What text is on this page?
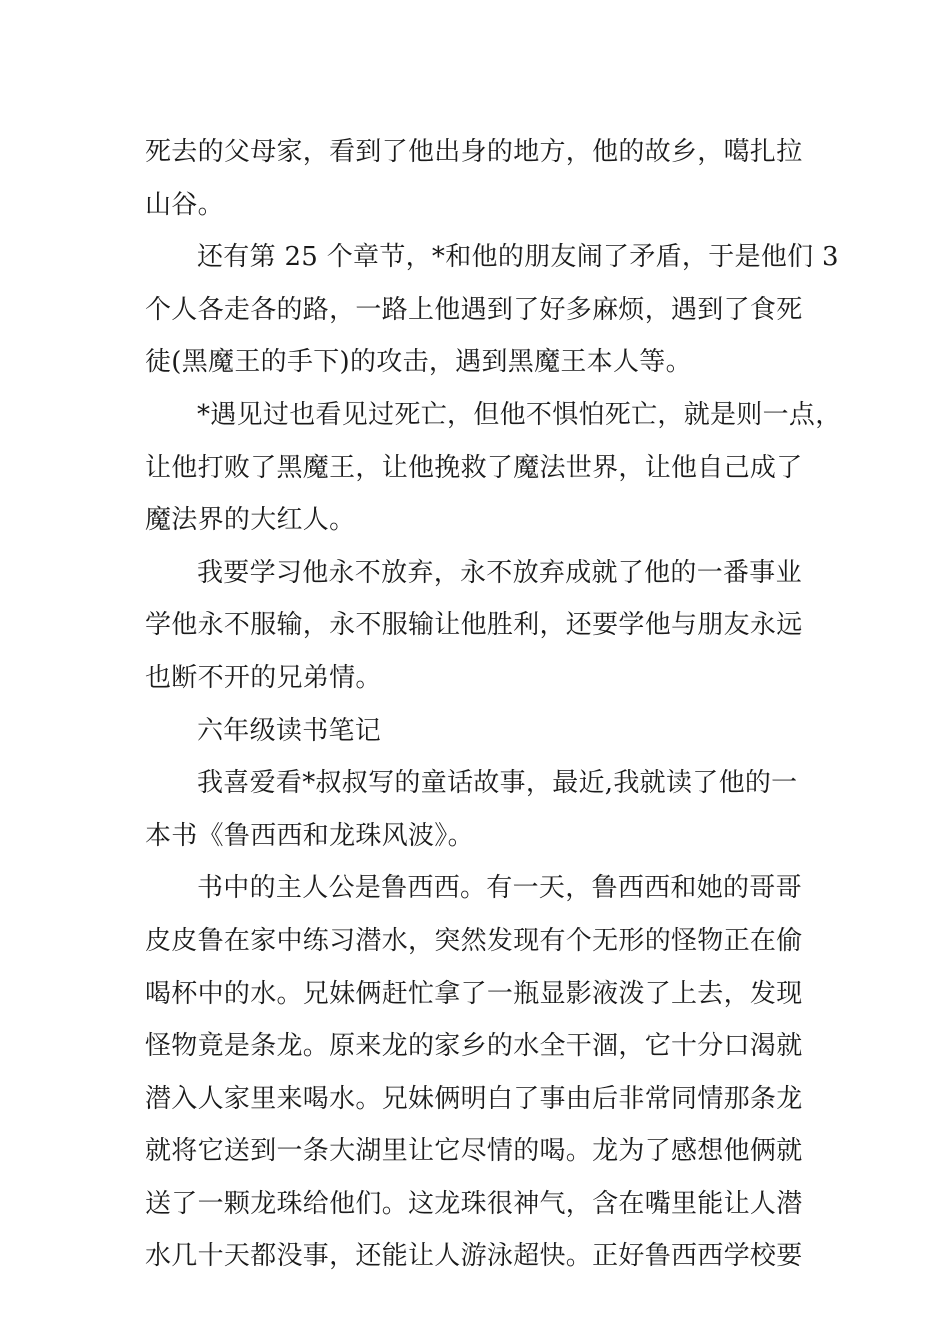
死去的父母家，看到了他出身的地方，他的故乡，噶扎拉
山谷。
还有第 25 个章节，*和他的朋友闹了矛盾，于是他们 3
个人各走各的路，一路上他遇到了好多麻烦，遇到了食死
徒(黑魔王的手下)的攻击，遇到黑魔王本人等。
*遇见过也看见过死亡，但他不惧怕死亡，就是则一点，
让他打败了黑魔王，让他挽救了魔法世界，让他自己成了
魔法界的大红人。
我要学习他永不放弃，永不放弃成就了他的一番事业
学他永不服输，永不服输让他胜利，还要学他与朋友永远
也断不开的兄弟情。
六年级读书笔记
我喜爱看*叔叔写的童话故事，最近,我就读了他的一
本书《鲁西西和龙珠风波》。
书中的主人公是鲁西西。有一天，鲁西西和她的哥哥
皮皮鲁在家中练习潜水，突然发现有个无形的怪物正在偷
喝杯中的水。兄妹俩赶忙拿了一瓶显影液泼了上去，发现
怪物竟是条龙。原来龙的家乡的水全干涸，它十分口渴就
潜入人家里来喝水。兄妹俩明白了事由后非常同情那条龙
就将它送到一条大湖里让它尽情的喝。龙为了感想他俩就
送了一颗龙珠给他们。这龙珠很神气，含在嘴里能让人潜
水几十天都没事，还能让人游泳超快。正好鲁西西学校要
